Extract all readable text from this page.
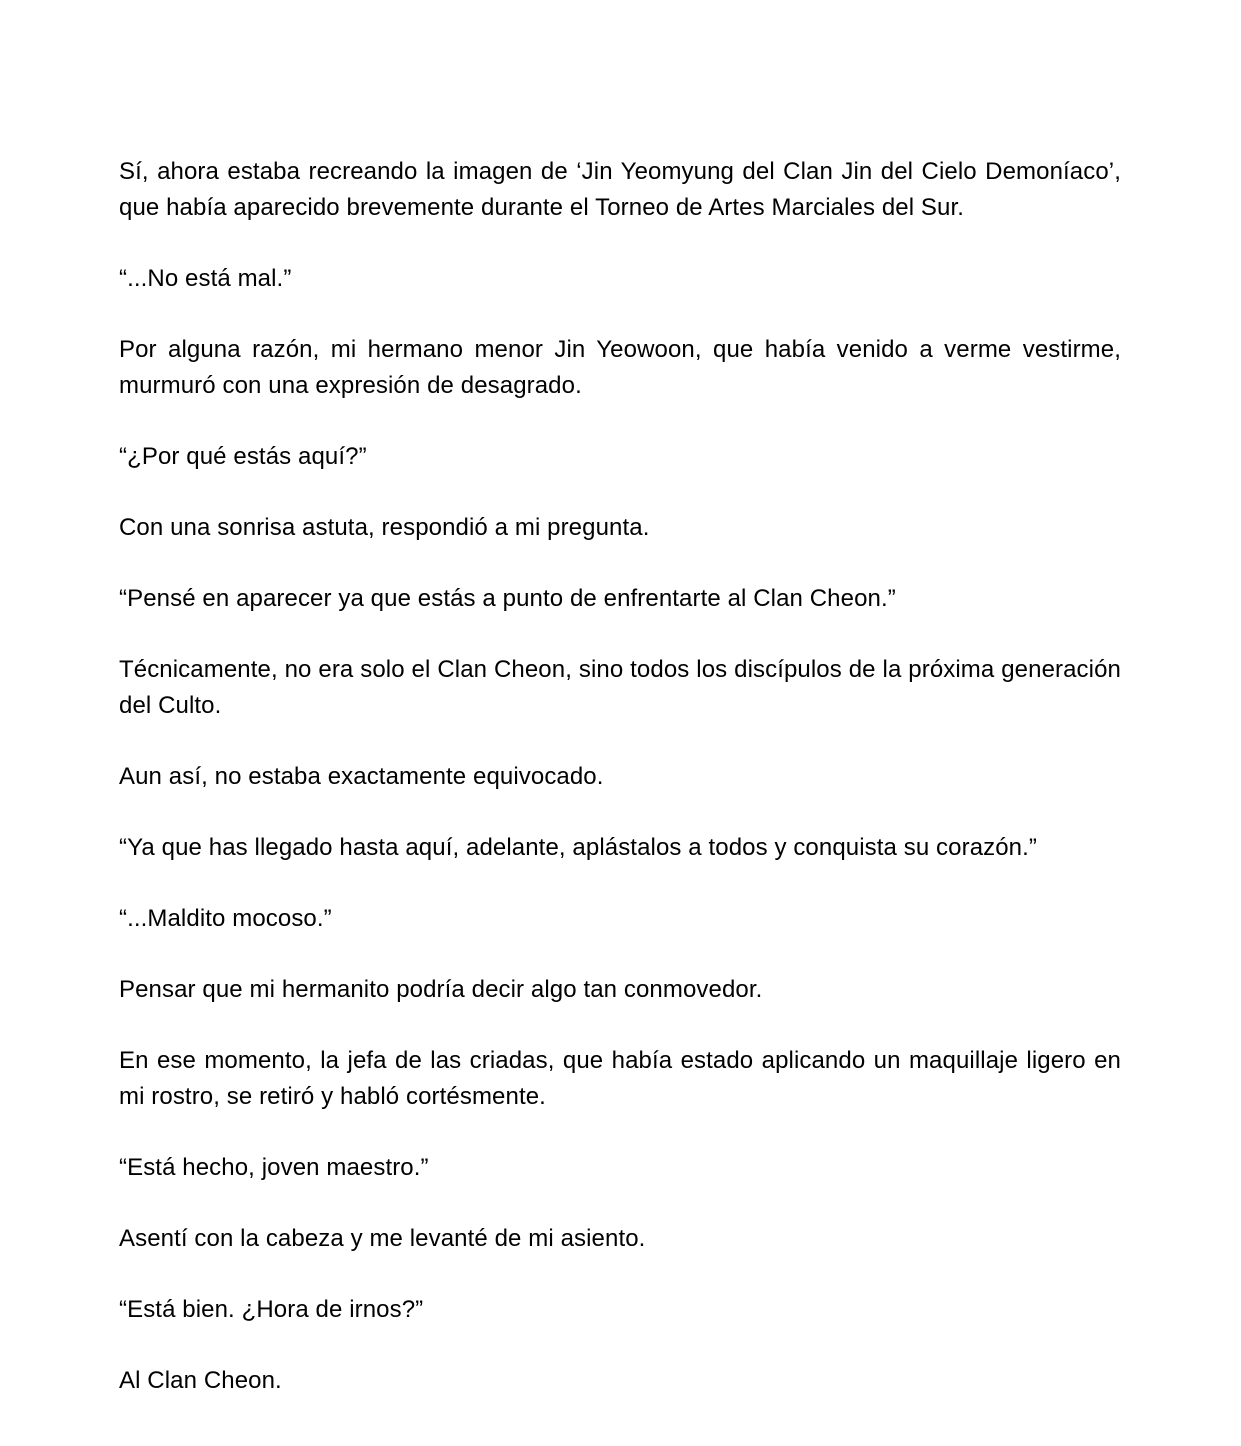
Sí, ahora estaba recreando la imagen de ‘Jin Yeomyung del Clan Jin del Cielo Demoníaco’, que había aparecido brevemente durante el Torneo de Artes Marciales del Sur.

“...No está mal.”

Por alguna razón, mi hermano menor Jin Yeowoon, que había venido a verme vestirme, murmuró con una expresión de desagrado.

“¿Por qué estás aquí?”

Con una sonrisa astuta, respondió a mi pregunta.

“Pensé en aparecer ya que estás a punto de enfrentarte al Clan Cheon.”

Técnicamente, no era solo el Clan Cheon, sino todos los discípulos de la próxima generación del Culto.

Aun así, no estaba exactamente equivocado.

“Ya que has llegado hasta aquí, adelante, aplástalos a todos y conquista su corazón.”

“...Maldito mocoso.”

Pensar que mi hermanito podría decir algo tan conmovedor.

En ese momento, la jefa de las criadas, que había estado aplicando un maquillaje ligero en mi rostro, se retiró y habló cortésmente.

“Está hecho, joven maestro.”

Asentí con la cabeza y me levanté de mi asiento.

“Está bien. ¿Hora de irnos?”

Al Clan Cheon.
